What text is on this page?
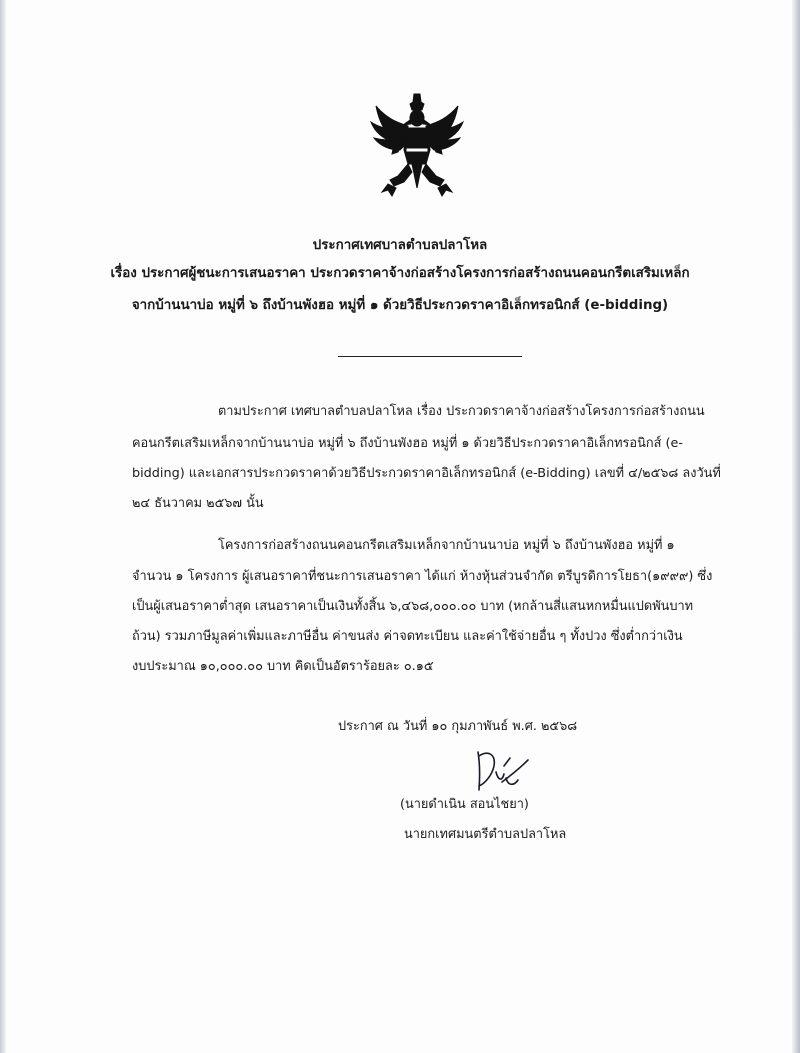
ประกาศเทศบาลตำบลปลาโหล
เรื่อง ประกาศผู้ชนะการเสนอราคา ประกวดราคาจ้างก่อสร้างโครงการก่อสร้างถนนคอนกรีตเสริมเหล็ก
จากบ้านนาบ่อ หมู่ที่ ๖ ถึงบ้านพังฮอ หมู่ที่ ๑ ด้วยวิธีประกวดราคาอิเล็กทรอนิกส์ (e-bidding)
ตามประกาศ เทศบาลตำบลปลาโหล เรื่อง ประกวดราคาจ้างก่อสร้างโครงการก่อสร้างถนน
คอนกรีตเสริมเหล็กจากบ้านนาบ่อ หมู่ที่ ๖ ถึงบ้านพังฮอ หมู่ที่ ๑ ด้วยวิธีประกวดราคาอิเล็กทรอนิกส์ (e-
bidding) และเอกสารประกวดราคาด้วยวิธีประกวดราคาอิเล็กทรอนิกส์ (e-Bidding) เลขที่ ๔/๒๕๖๘ ลงวันที่
๒๔ ธันวาคม ๒๕๖๗ นั้น
โครงการก่อสร้างถนนคอนกรีตเสริมเหล็กจากบ้านนาบ่อ หมู่ที่ ๖ ถึงบ้านพังฮอ หมู่ที่ ๑
จำนวน ๑ โครงการ ผู้เสนอราคาที่ชนะการเสนอราคา ได้แก่ ห้างหุ้นส่วนจำกัด ตรีบูรดิการโยธา(๑๙๙๙) ซึ่ง
เป็นผู้เสนอราคาต่ำสุด เสนอราคาเป็นเงินทั้งสิ้น ๖,๔๖๘,๐๐๐.๐๐ บาท (หกล้านสี่แสนหกหมื่นแปดพันบาท
ถ้วน) รวมภาษีมูลค่าเพิ่มและภาษีอื่น ค่าขนส่ง ค่าจดทะเบียน และค่าใช้จ่ายอื่น ๆ ทั้งปวง ซึ่งต่ำกว่าเงิน
งบประมาณ ๑๐,๐๐๐.๐๐ บาท คิดเป็นอัตราร้อยละ ๐.๑๕
ประกาศ ณ วันที่ ๑๐ กุมภาพันธ์ พ.ศ. ๒๕๖๘
(นายดำเนิน สอนไชยา)
นายกเทศมนตรีตำบลปลาโหล
